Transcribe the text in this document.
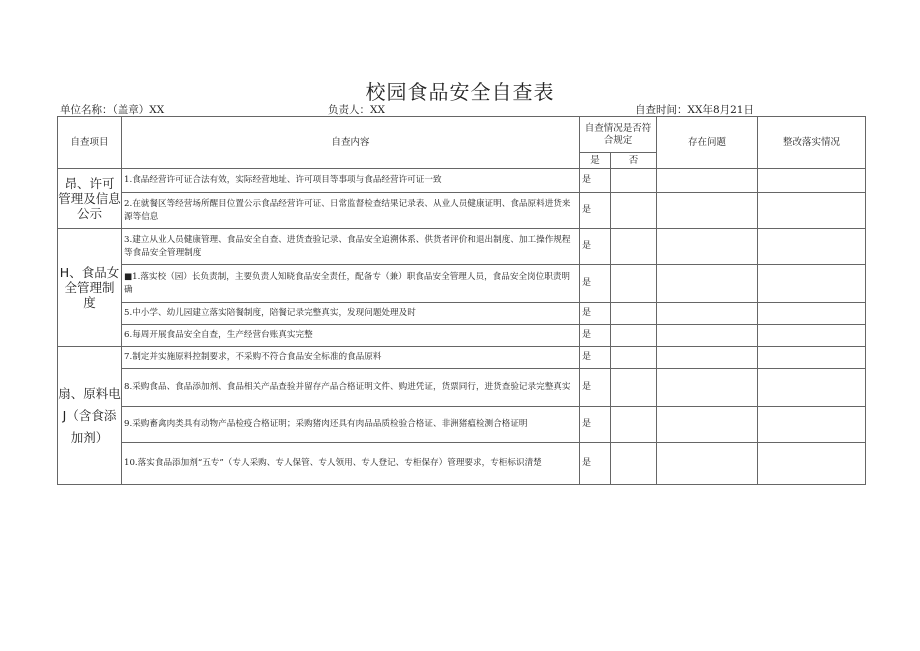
校园食品安全自查表
单位名称：（盖章）XX	负责人：XX	自查时间：XX年8月21日
自查项目	自查内容	自查情况是否符合规定		存在问题	整改落实情况
		是	否		

昂、许可
管理及信息
公示	1.食品经营许可证合法有效，实际经营地址、许可项目等事项与食品经营许可证一致	是			
	2.在就餐区等经营场所醒目位置公示食品经营许可证、日常监督检查结果记录表、从业人员健康证明、食品原料进货来源等信息	是			

H、食品女
全管理制
度	3.建立从业人员健康管理、食品安全自查、进货查验记录、食品安全追溯体系、供货者评价和退出制度、加工操作规程等食品安全管理制度	是			
	■1.落实校（园）长负责制，主要负责人知晓食品安全责任，配备专（兼）职食品安全管理人员，食品安全岗位职责明确	是			
	5.中小学、幼儿园建立落实陪餐制度，陪餐记录完整真实，发现问题处理及时	是			
	6.每周开展食品安全自查，生产经营台账真实完整	是			

扇、原料电
J（含食添
加剂）	7.制定并实施原料控制要求，不采购不符合食品安全标准的食品原料	是			
	8.采购食品、食品添加剂、食品相关产品查验并留存产品合格证明文件、购进凭证，货票同行，进货查验记录完整真实	是			
	9.采购畜禽肉类具有动物产品检疫合格证明；采购猪肉还具有肉品品质检验合格证、非洲猪瘟检测合格证明	是			
	10.落实食品添加剂“五专”（专人采购、专人保管、专人领用、专人登记、专柜保存）管理要求，专柜标识清楚	是			
